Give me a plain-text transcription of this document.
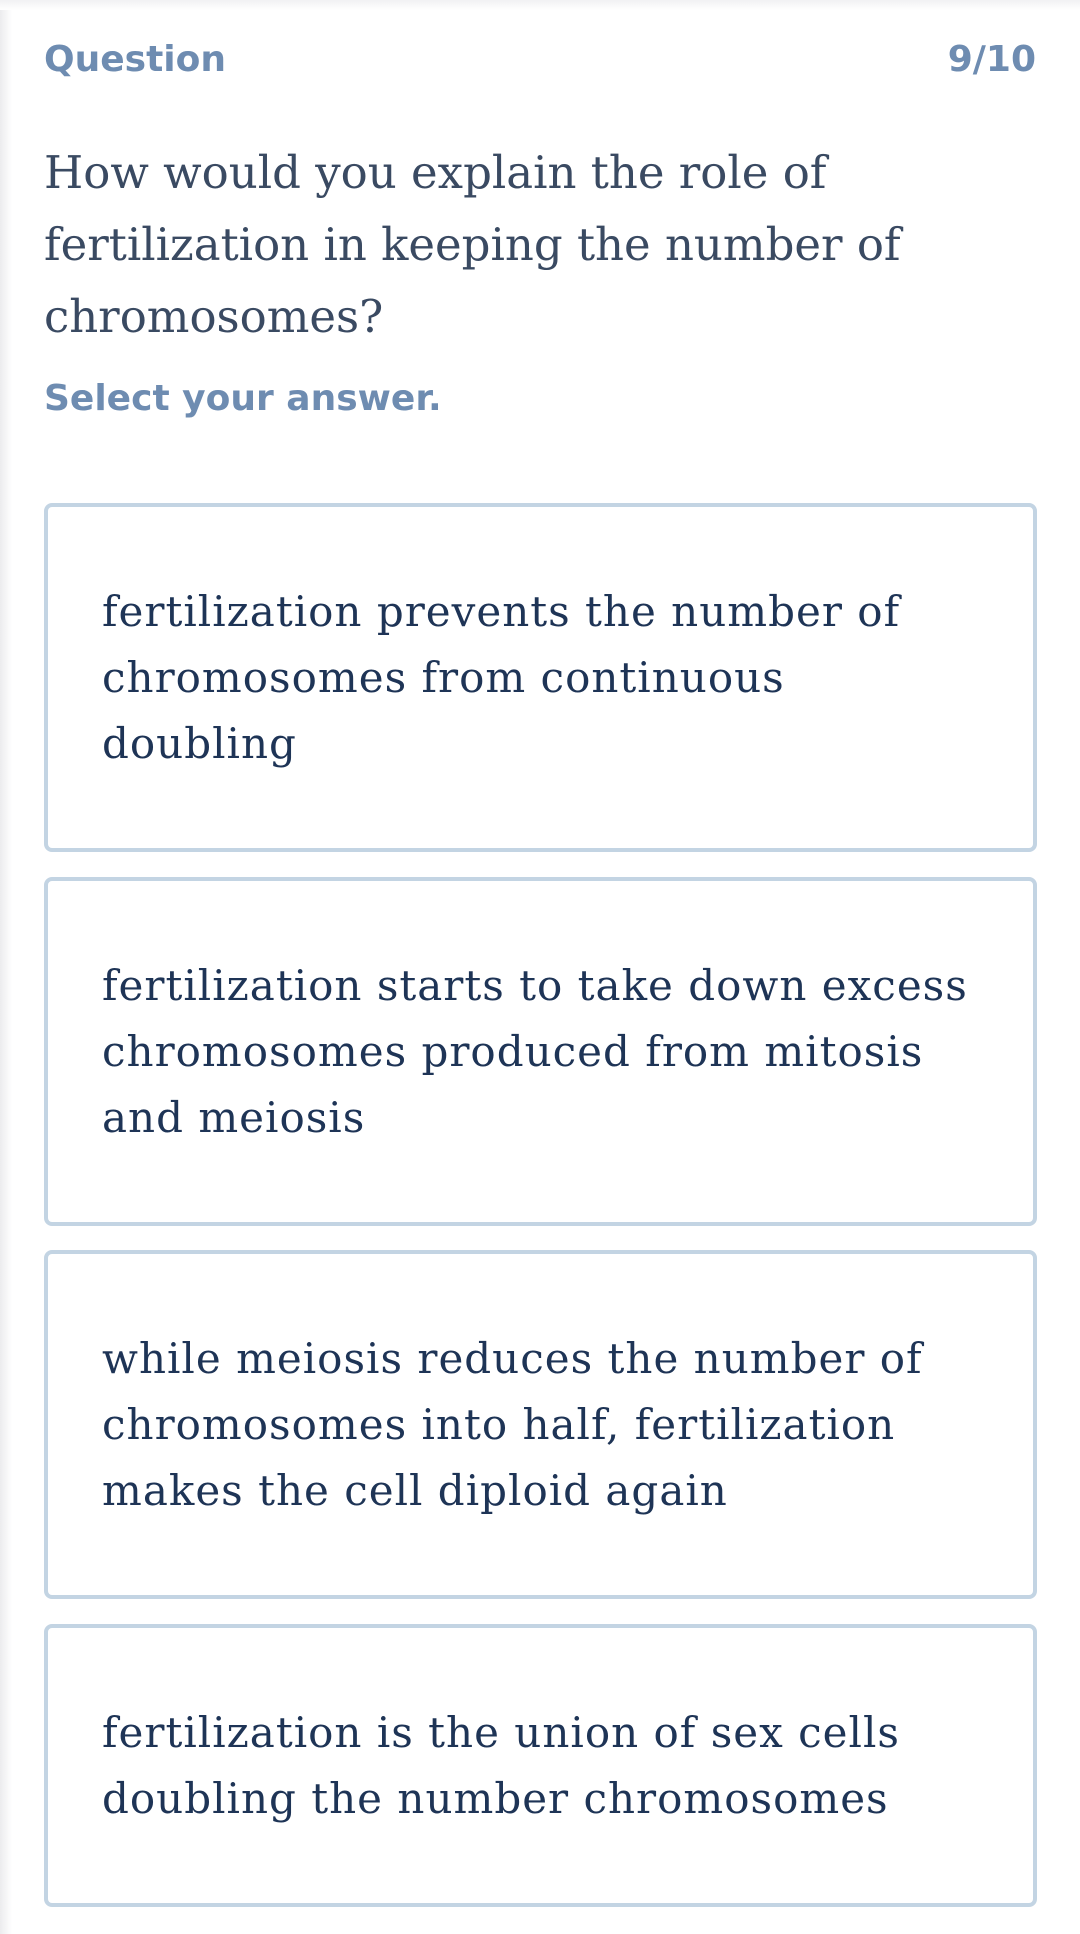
Question	9/10
How would you explain the role of fertilization in keeping the number of chromosomes?
Select your answer.
fertilization prevents the number of chromosomes from continuous doubling
fertilization starts to take down excess chromosomes produced from mitosis and meiosis
while meiosis reduces the number of chromosomes into half, fertilization makes the cell diploid again
fertilization is the union of sex cells doubling the number chromosomes
